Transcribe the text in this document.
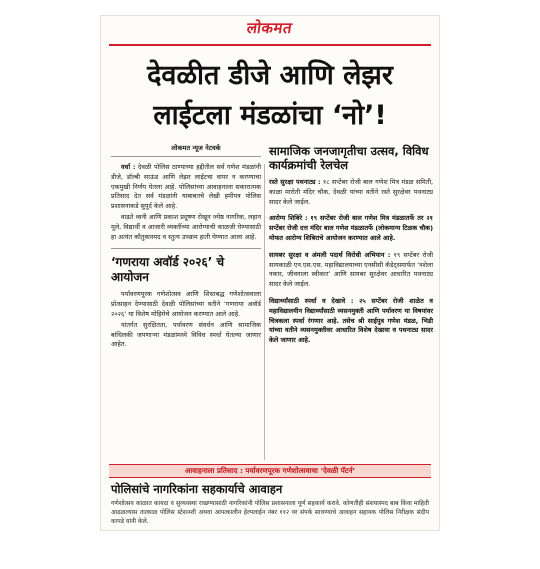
लोकमत
देवळीत डीजे आणि लेझर
लाईटला मंडळांचा ‘नो’!
लोकमत न्यूज नेटवर्क

वर्धा : देवळी पोलिस ठाण्याच्या हद्दीतील सर्व गणेश मंडळांनी डीजे, डॉल्बी साऊंड आणि लेझर लाईटचा वापर न करण्याचा एकमुखी निर्णय घेतला आहे. पोलिसांच्या आवाहनाला सकारात्मक प्रतिसाद देत सर्व मंडळांनी याबाबतचे लेखी हमीपत्र पोलिस प्रशासनाकडे सुपूर्द केले आहे.

वाढते ध्वनी आणि प्रकाश प्रदूषण रोखून ज्येष्ठ नागरिक, लहान मुले, विद्यार्थी व आजारी व्यक्तींच्या आरोग्याची काळजी घेण्यासाठी हा अत्यंत कौतुकास्पद व स्तुत्य उपक्रम हाती घेण्यात आला आहे.

‘गणराया अवॉर्ड २०२६’ चे आयोजन

पर्यावरणपूरक गणेशोत्सव आणि शिस्तबद्ध गणेशोत्सवाला प्रोत्साहन देण्यासाठी देवळी पोलिसांच्या वतीने ‘गणराया अवॉर्ड २०२६’ या विशेष मोहिमेचे आयोजन करण्यात आले आहे.

यांतर्गत सुरक्षितता, पर्यावरण संवर्धन आणि सामाजिक बांधिलकी जपणाऱ्या मंडळांमध्ये विविध स्पर्धा घेतल्या जाणार आहेत.

सामाजिक जनजागृतीचा उत्सव, विविध कार्यक्रमांची रेलचेल
रस्ते सुरक्षा पथनाट्य : १८ सप्टेंबर रोजी बाल गणेश मित्र मंडळ समिती, काळा मारोती मंदिर चौक, देवळी यांच्या वतीने रस्ते सुरक्षेवर पथनाट्य सादर केले जाईल.
आरोग्य शिबिरे : १९ सप्टेंबर रोजी बाल गणेश मित्र मंडळातर्फे तर २१ सप्टेंबर रोजी दत्त मंदिर बाल गणेश मंडळातर्फे (लोकमान्य टिळक चौक) मोफत आरोग्य शिबिराचे आयोजन करण्यात आले आहे.
सायबर सुरक्षा व अंमली पदार्थ विरोधी अभियान : १९ सप्टेंबर रोजी सायकाळी एन.एस.एस. महाविद्यालयाच्या एनसीसी कॅडेट्समार्फत ‘नशेला नकार, जीवनाला स्वीकार’ आणि सायबर सुरक्षेवर आधारित पथनाट्य सादर केले जाईल.
विद्यार्थ्यांसाठी स्पर्धा व देखावे : २५ सप्टेंबर रोजी शाळेत व महाविद्यालयीन विद्यार्थ्यांसाठी व्यसनमुक्ती आणि पर्यावरण या विषयांवर चित्रकला स्पर्धा रंगणार आहे. तसेच श्री साईपुत्र गणेश मंडळ, भिडी यांच्या वतीने व्यसनमुक्तीवर आधारित विशेष देखावा व पथनाट्य सादर केले जाणार आहे.
आवाहनाला प्रतिसाद : पर्यावरणपूरक गणेशोत्सवाचा ‘देवळी पॅटर्न’
पोलिसांचे नागरिकांना सहकार्याचे आवाहन
गणेशोत्सव काळात कायदा व सुव्यवस्था राखण्यासाठी नागरिकांनी पोलिस प्रशासनाला पूर्ण सहकार्य करावे. कोणतीही संशयास्पद बाब किंवा माहिती आढळल्यास तात्काळ पोलिस स्टेशनशी अथवा आपत्कालीन हेल्पलाईन नंबर ११२ वर संपर्क साधण्याचे आवाहन सहायक पोलिस निरीक्षक संदीप कापडे यांनी केले.
